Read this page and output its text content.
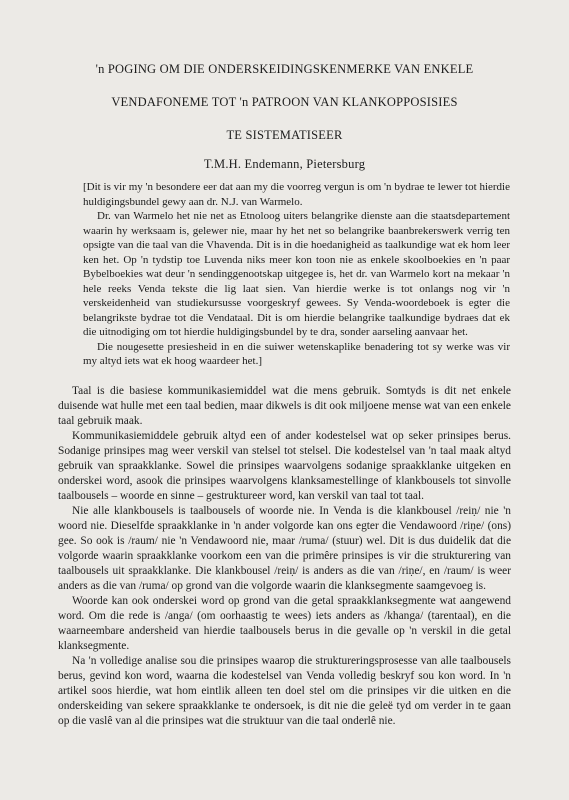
'n POGING OM DIE ONDERSKEIDINGSKENMERKE VAN ENKELE
VENDAFONEME TOT 'n PATROON VAN KLANKOPPOSISIES
TE SISTEMATISEER
T.M.H. Endemann, Pietersburg

[Dit is vir my 'n besondere eer dat aan my die voorreg vergun is om 'n bydrae te lewer tot hierdie huldigingsbundel gewy aan dr. N.J. van Warmelo.

Dr. van Warmelo het nie net as Etnoloog uiters belangrike dienste aan die staatsdepartement waarin hy werksaam is, gelewer nie, maar hy het net so belangrike baanbrekerswerk verrig ten opsigte van die taal van die Vhavenda. Dit is in die hoedanigheid as taalkundige wat ek hom leer ken het. Op 'n tydstip toe Luvenda niks meer kon toon nie as enkele skoolboekies en 'n paar Bybelboekies wat deur 'n sendinggenootskap uitgegee is, het dr. van Warmelo kort na mekaar 'n hele reeks Venda tekste die lig laat sien. Van hierdie werke is tot onlangs nog vir 'n verskeidenheid van studiekursusse voorgeskryf gewees. Sy Venda-woordeboek is egter die belangrikste bydrae tot die Vendataal. Dit is om hierdie belangrike taalkundige bydraes dat ek die uitnodiging om tot hierdie huldigingsbundel by te dra, sonder aarseling aanvaar het.

Die nougesette presiesheid in en die suiwer wetenskaplike benadering tot sy werke was vir my altyd iets wat ek hoog waardeer het.]

Taal is die basiese kommunikasiemiddel wat die mens gebruik. Somtyds is dit net enkele duisende wat hulle met een taal bedien, maar dikwels is dit ook miljoene mense wat van een enkele taal gebruik maak.

Kommunikasiemiddele gebruik altyd een of ander kodestelsel wat op seker prinsipes berus. Sodanige prinsipes mag weer verskil van stelsel tot stelsel. Die kodestelsel van 'n taal maak altyd gebruik van spraakklanke. Sowel die prinsipes waarvolgens sodanige spraakklanke uitgeken en onderskei word, asook die prinsipes waarvolgens klanksamestellinge of klankbousels tot sinvolle taalbousels – woorde en sinne – gestruktureer word, kan verskil van taal tot taal.

Nie alle klankbousels is taalbousels of woorde nie. In Venda is die klankbousel /reiṇ/ nie 'n woord nie. Dieselfde spraakklanke in 'n ander volgorde kan ons egter die Vendawoord /riṇe/ (ons) gee. So ook is /raum/ nie 'n Vendawoord nie, maar /ruma/ (stuur) wel. Dit is dus duidelik dat die volgorde waarin spraakklanke voorkom een van die primêre prinsipes is vir die strukturering van taalbousels uit spraakklanke. Die klankbousel /reiṇ/ is anders as die van /riṇe/, en /raum/ is weer anders as die van /ruma/ op grond van die volgorde waarin die klanksegmente saamgevoeg is.

Woorde kan ook onderskei word op grond van die getal spraakklanksegmente wat aangewend word. Om die rede is /anga/ (om oorhaastig te wees) iets anders as /khanga/ (tarentaal), en die waarneembare andersheid van hierdie taalbousels berus in die gevalle op 'n verskil in die getal klanksegmente.

Na 'n volledige analise sou die prinsipes waarop die struktureringsprosesse van alle taalbousels berus, gevind kon word, waarna die kodestelsel van Venda volledig beskryf sou kon word. In 'n artikel soos hierdie, wat hom eintlik alleen ten doel stel om die prinsipes vir die uitken en die onderskeiding van sekere spraakklanke te ondersoek, is dit nie die geleë tyd om verder in te gaan op die vaslê van al die prinsipes wat die struktuur van die taal onderlê nie.
